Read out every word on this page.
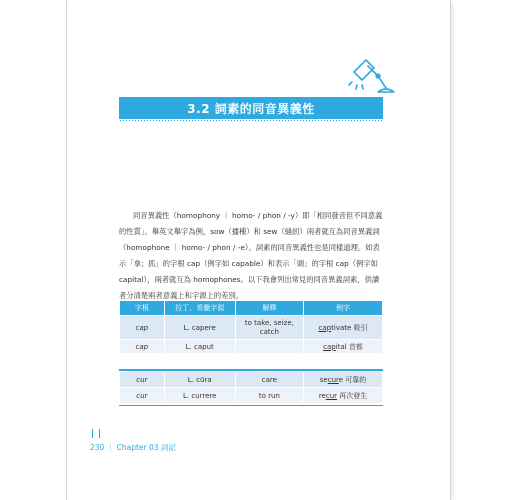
3.2 詞素的同音異義性

同音異義性（homophony ｜ homo- / phon / -y）即「相同發音但不同意義的性質」。舉英文舉字為例，sow（播種）和 sew（縫紉）兩者就互為同音異義詞（homophone ｜ homo- / phon / -e）。詞素的同音異義性也是同樣道理。如表示「拿；抓」的字根 cap（例字如 capable）和表示「頭」的字根 cap（例字如 capital），兩者就互為 homophones。以下我會列出常見的同音異義詞素，供讀者分清楚兩者意義上和字源上的差別。

字根	拉丁、希臘字源	解釋	例字
cap	L. capere	to take, seize, catch	captivate 吸引
cap	L. caput		capital 首都
cur	L. cūra	care	secure 可靠的
cur	L. currere	to run	recur 再次發生
230 ｜ Chapter 03 詞記
